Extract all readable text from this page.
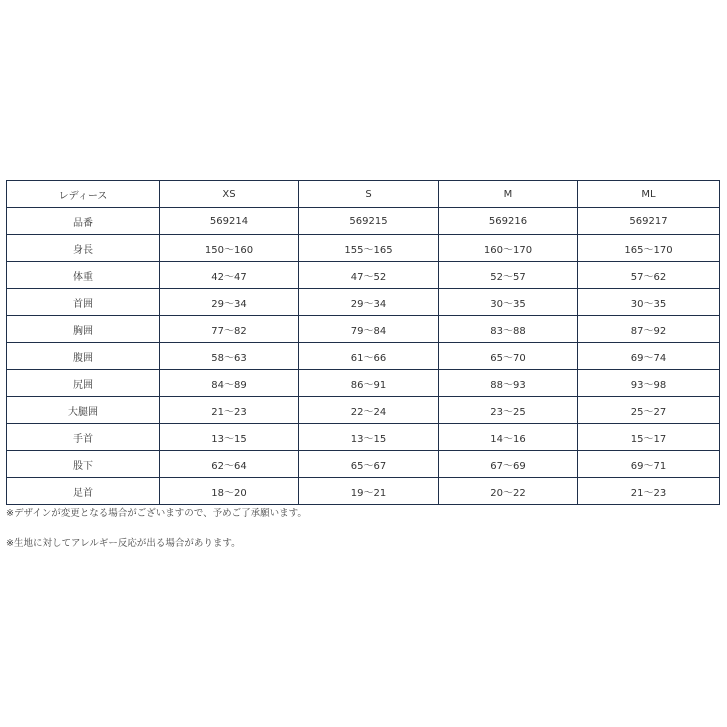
レディース	XS	S	M	ML
品番	569214	569215	569216	569217
身長	150～160	155～165	160～170	165～170
体重	42～47	47～52	52～57	57～62
首囲	29～34	29～34	30～35	30～35
胸囲	77～82	79～84	83～88	87～92
腹囲	58～63	61～66	65～70	69～74
尻囲	84～89	86～91	88～93	93～98
大腿囲	21～23	22～24	23～25	25～27
手首	13～15	13～15	14～16	15～17
股下	62～64	65～67	67～69	69～71
足首	18～20	19～21	20～22	21～23
※デザインが変更となる場合がございますので、予めご了承願います。
※生地に対してアレルギー反応が出る場合があります。
